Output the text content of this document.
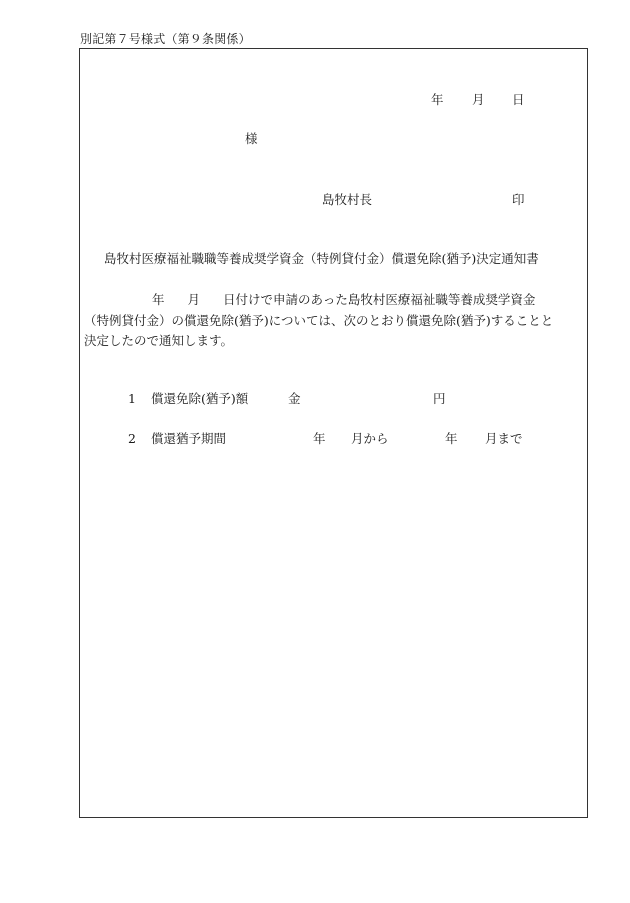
別記第７号様式（第９条関係）
年 月 日
様
島牧村長	印
島牧村医療福祉職職等養成奨学資金（特例貸付金）償還免除(猶予)決定通知書
年 月 日付けで申請のあった島牧村医療福祉職等養成奨学資金
（特例貸付金）の償還免除(猶予)については、次のとおり償還免除(猶予)することと
決定したので通知します。
1 償還免除(猶予)額	金	円
2 償還猶予期間	年 月から	年 月まで
